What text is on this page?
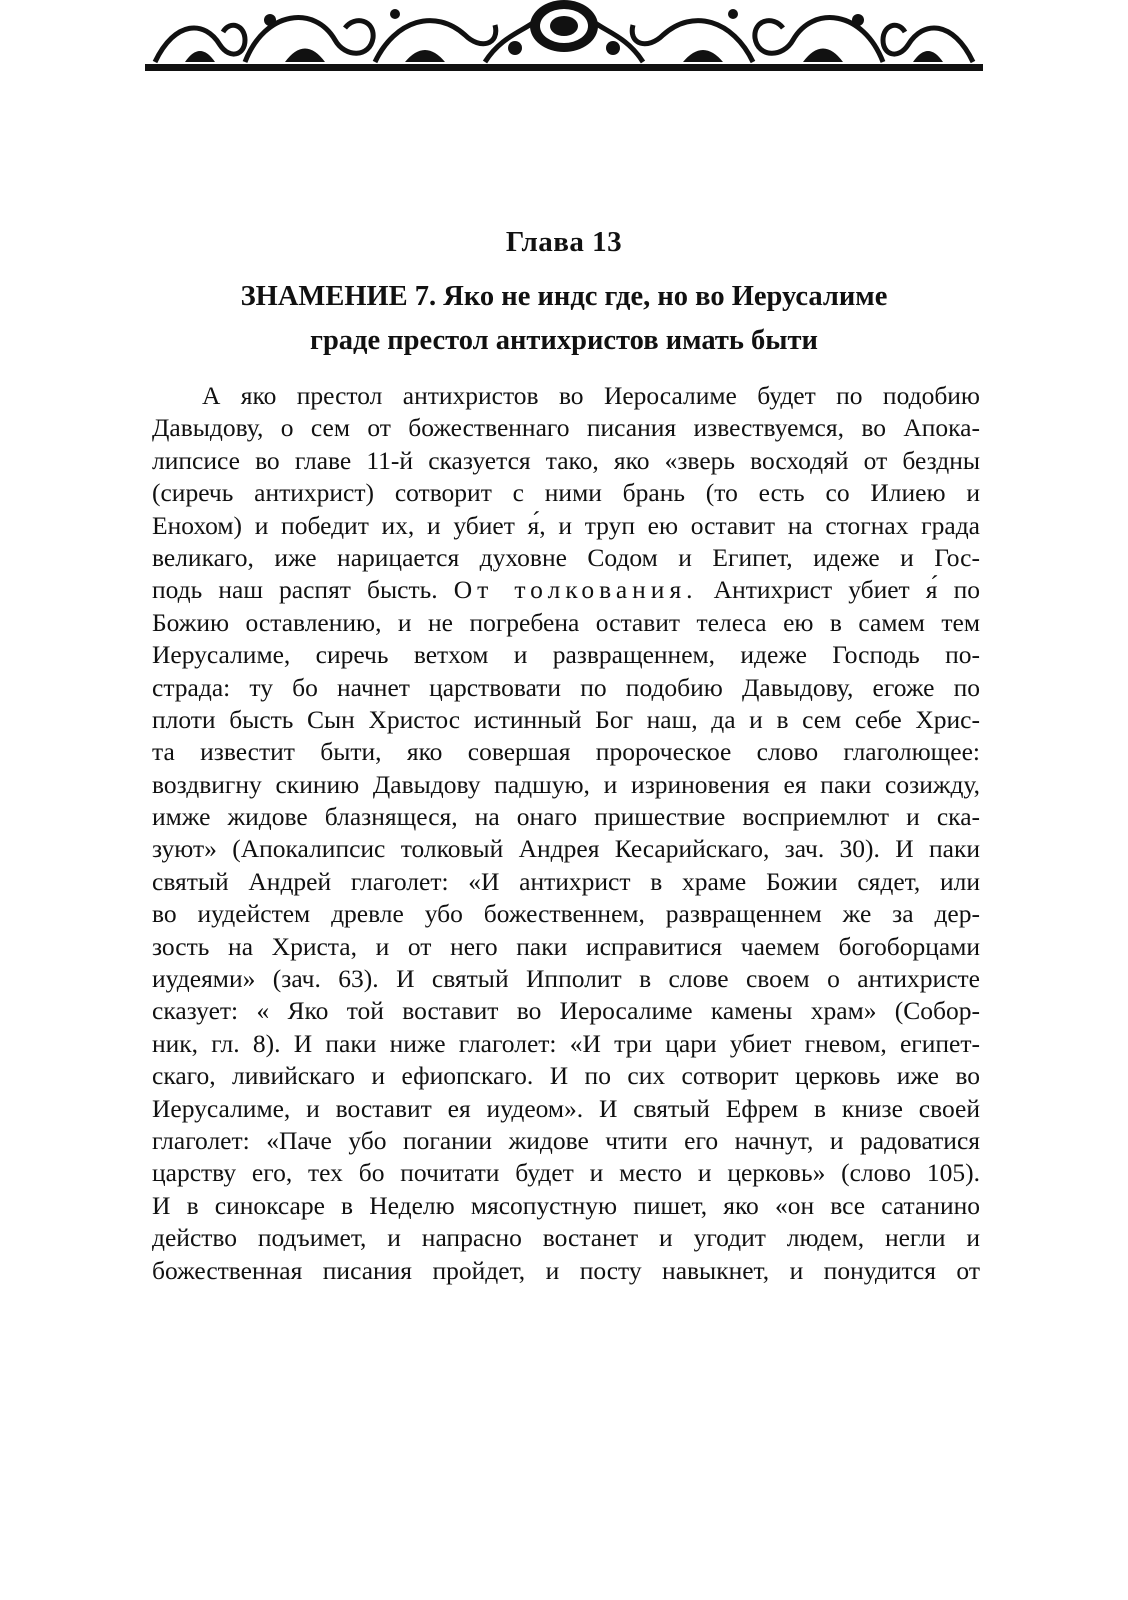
Глава 13
ЗНАМЕНИЕ 7. Яко не индс где, но во Иерусалиме
граде престол антихристов имать быти
А яко престол антихристов во Иеросалиме будет по подобию
Давыдову, о сем от божественнаго писания извествуемся, во Апока-
липсисе во главе 11-й сказуется тако, яко «зверь восходяй от бездны
(сиречь антихрист) сотворит с ними брань (то есть со Илиею и
Енохом) и победит их, и убиет я́, и труп ею оставит на стогнах града
великаго, иже нарицается духовне Содом и Египет, идеже и Гос-
подь наш распят бысть. От толкования. Антихрист убиет я́ по
Божию оставлению, и не погребена оставит телеса ею в самем тем
Иерусалиме, сиречь ветхом и развращеннем, идеже Господь по-
страда: ту бо начнет царствовати по подобию Давыдову, егоже по
плоти бысть Сын Христос истинный Бог наш, да и в сем себе Хрис-
та известит быти, яко совершая пророческое слово глаголющее:
воздвигну скинию Давыдову падшую, и изриновения ея паки созижду,
имже жидове блазнящеся, на онаго пришествие восприемлют и ска-
зуют» (Апокалипсис толковый Андрея Кесарийскаго, зач. 30). И паки
святый Андрей глаголет: «И антихрист в храме Божии сядет, или
во иудейстем древле убо божественнем, развращеннем же за дер-
зость на Христа, и от него паки исправитися чаемем богоборцами
иудеями» (зач. 63). И святый Ипполит в слове своем о антихристе
сказует: « Яко той воставит во Иеросалиме камены храм» (Собор-
ник, гл. 8). И паки ниже глаголет: «И три цари убиет гневом, египет-
скаго, ливийскаго и ефиопскаго. И по сих сотворит церковь иже во
Иерусалиме, и воставит ея иудеом». И святый Ефрем в книзе своей
глаголет: «Паче убо погании жидове чтити его начнут, и радоватися
царству его, тех бо почитати будет и место и церковь» (слово 105).
И в синоксаре в Неделю мясопустную пишет, яко «он все сатанино
действо подъимет, и напрасно востанет и угодит людем, негли и
божественная писания пройдет, и посту навыкнет, и понудится от
